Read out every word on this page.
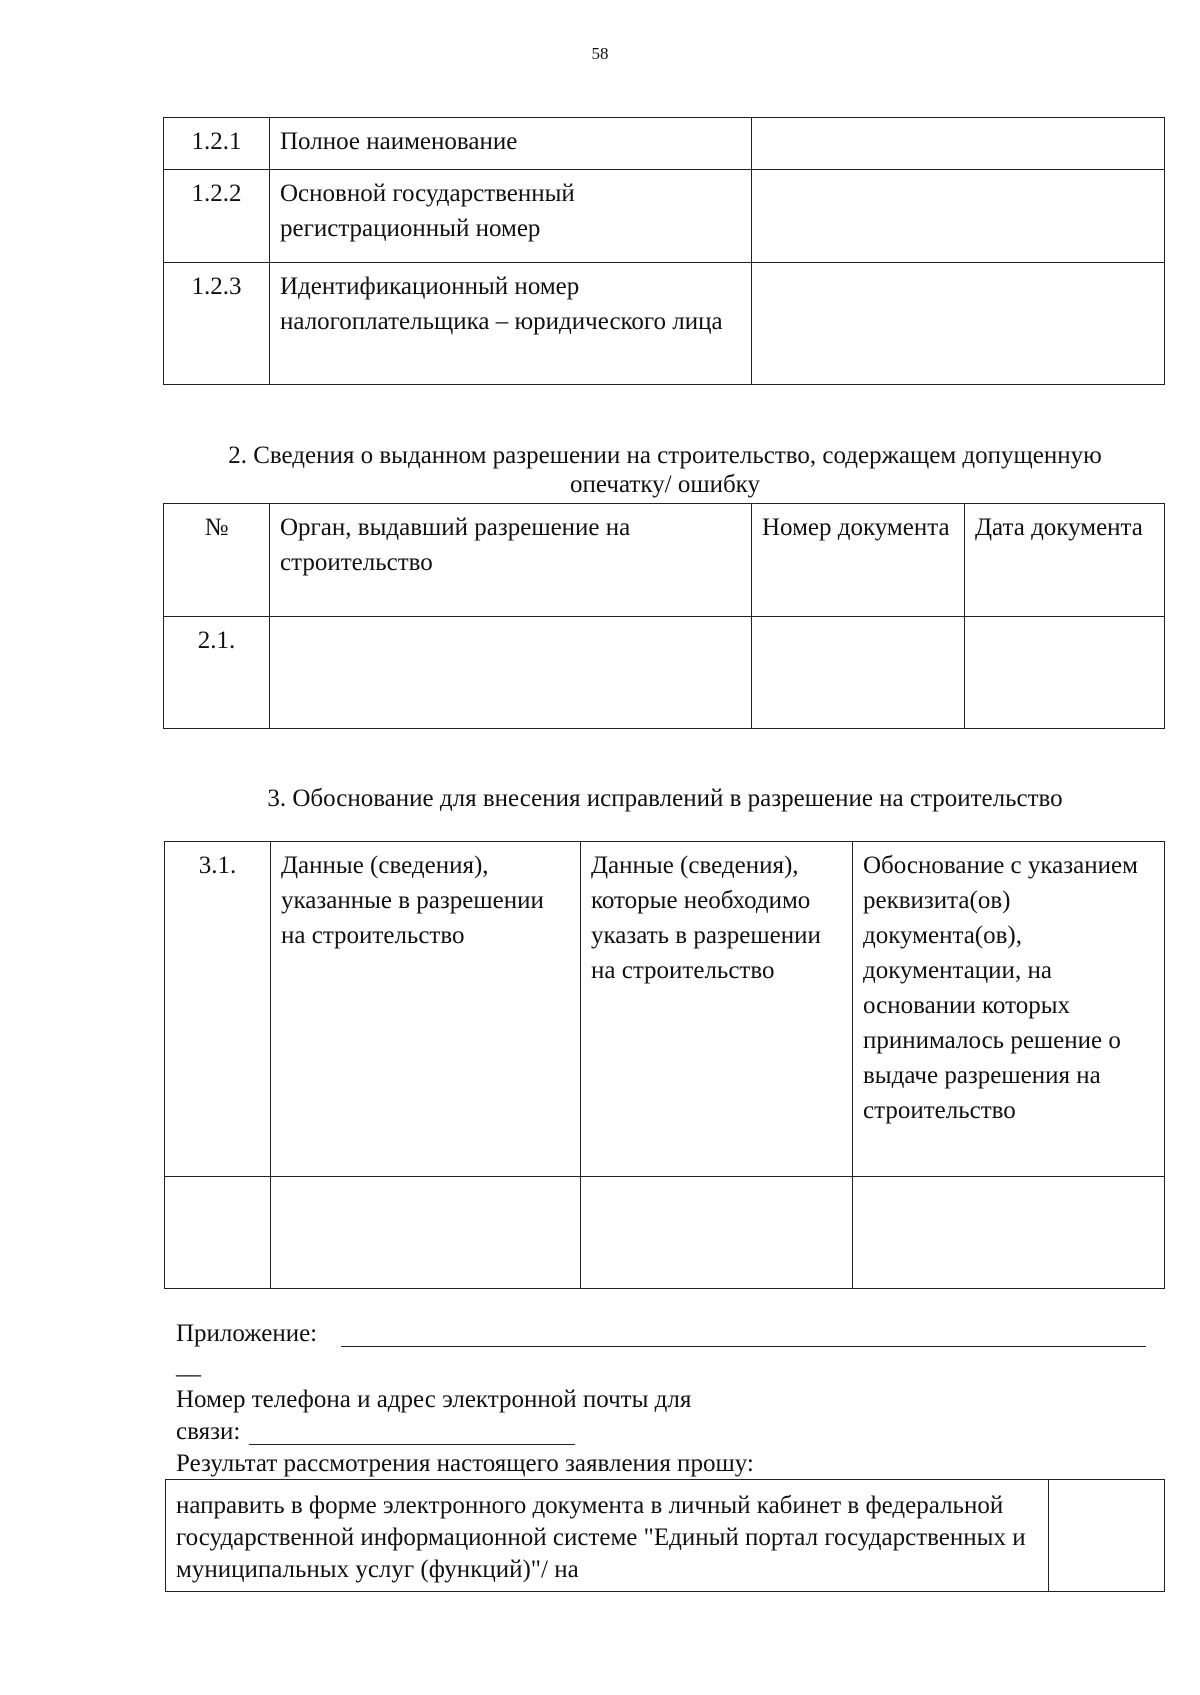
58
1.2.1	Полное наименование	
1.2.2	Основной государственный регистрационный номер	
1.2.3	Идентификационный номер налогоплательщика – юридического лица	
2. Сведения о выданном разрешении на строительство, содержащем допущенную
опечатку/ ошибку
№	Орган, выдавший разрешение на строительство	Номер документа	Дата документа
2.1.			
3. Обоснование для внесения исправлений в разрешение на строительство
3.1.	Данные (сведения), указанные в разрешении на строительство	Данные (сведения), которые необходимо указать в разрешении на строительство	Обоснование с указанием реквизита(ов) документа(ов), документации, на основании которых принималось решение о выдаче разрешения на строительство

Приложение:
__
Номер телефона и адрес электронной почты для
связи:
Результат рассмотрения настоящего заявления прошу:
направить в форме электронного документа в личный кабинет в федеральной государственной информационной системе "Единый портал государственных и муниципальных услуг (функций)"/ на	
